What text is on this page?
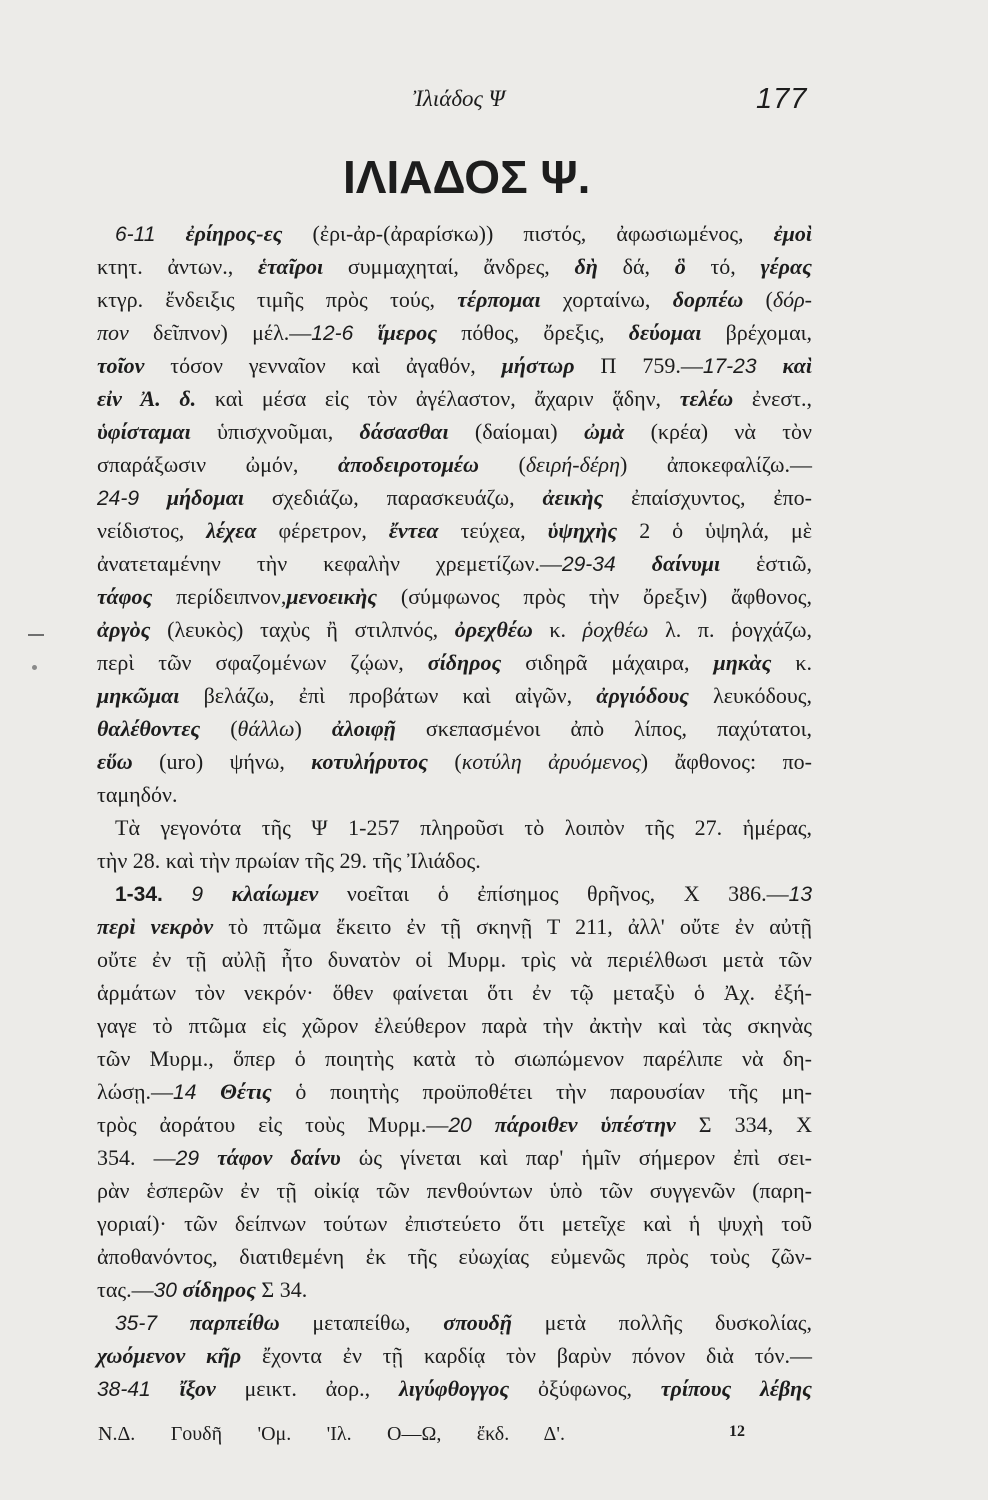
Ἰλιάδος Ψ	177
ΙΛΙΑΔΟΣ Ψ.
6-11 ἐρίηρος-ες (ἐρι-ἀρ-(ἀραρίσκω)) πιστός, ἀφωσιωμένος, ἐμοὶ
κτητ. ἀντων., ἑταῖροι συμμαχηταί, ἄνδρες, δὴ δά, ὃ τό, γέρας
κτγρ. ἔνδειξις τιμῆς πρὸς τούς, τέρπομαι χορταίνω, δορπέω (δόρ-
πον δεῖπνον) μέλ.—12-6 ἵμερος πόθος, ὄρεξις, δεύομαι βρέχομαι,
τοῖον τόσον γενναῖον καὶ ἀγαθόν, μήστωρ Π 759.—17-23 καὶ
εἰν Ἀ. δ. καὶ μέσα εἰς τὸν ἀγέλαστον, ἄχαριν ᾅδην, τελέω ἐνεστ.,
ὑφίσταμαι ὑπισχνοῦμαι, δάσασθαι (δαίομαι) ὠμὰ (κρέα) νὰ τὸν
σπαράξωσιν ὠμόν, ἀποδειροτομέω (δειρή-δέρη) ἀποκεφαλίζω.—
24-9 μήδομαι σχεδιάζω, παρασκευάζω, ἀεικὴς ἐπαίσχυντος, ἐπο-
νείδιστος, λέχεα φέρετρον, ἔντεα τεύχεα, ὑψηχὴς 2 ὁ ὑψηλά, μὲ
ἀνατεταμένην τὴν κεφαλὴν χρεμετίζων.—29-34 δαίνυμι ἑστιῶ,
τάφος περίδειπνον,μενοεικὴς (σύμφωνος πρὸς τὴν ὄρεξιν) ἄφθονος,
ἀργὸς (λευκὸς) ταχὺς ἢ στιλπνός, ὀρεχθέω κ. ῥοχθέω λ. π. ῥογχάζω,
περὶ τῶν σφαζομένων ζῴων, σίδηρος σιδηρᾶ μάχαιρα, μηκὰς κ.
μηκῶμαι βελάζω, ἐπὶ προβάτων καὶ αἰγῶν, ἀργιόδους λευκόδους,
θαλέθοντες (θάλλω) ἀλοιφῇ σκεπασμένοι ἀπὸ λίπος, παχύτατοι,
εὕω (uro) ψήνω, κοτυλήρυτος (κοτύλη ἀρυόμενος) ἄφθονος: πο-
ταμηδόν.
Τὰ γεγονότα τῆς Ψ 1-257 πληροῦσι τὸ λοιπὸν τῆς 27. ἡμέρας,
τὴν 28. καὶ τὴν πρωίαν τῆς 29. τῆς Ἰλιάδος.
1-34. 9 κλαίωμεν νοεῖται ὁ ἐπίσημος θρῆνος, Χ 386.—13
περὶ νεκρὸν τὸ πτῶμα ἔκειτο ἐν τῇ σκηνῇ Τ 211, ἀλλ' οὔτε ἐν αὐτῇ
οὔτε ἐν τῇ αὐλῇ ἦτο δυνατὸν οἱ Μυρμ. τρὶς νὰ περιέλθωσι μετὰ τῶν
ἁρμάτων τὸν νεκρόν· ὅθεν φαίνεται ὅτι ἐν τῷ μεταξὺ ὁ Ἀχ. ἐξή-
γαγε τὸ πτῶμα εἰς χῶρον ἐλεύθερον παρὰ τὴν ἀκτὴν καὶ τὰς σκηνὰς
τῶν Μυρμ., ὅπερ ὁ ποιητὴς κατὰ τὸ σιωπώμενον παρέλιπε νὰ δη-
λώσῃ.—14 Θέτις ὁ ποιητὴς προϋποθέτει τὴν παρουσίαν τῆς μη-
τρὸς ἀοράτου εἰς τοὺς Μυρμ.—20 πάροιθεν ὑπέστην Σ 334, Χ
354. —29 τάφον δαίνυ ὡς γίνεται καὶ παρ' ἡμῖν σήμερον ἐπὶ σει-
ρὰν ἑσπερῶν ἐν τῇ οἰκίᾳ τῶν πενθούντων ὑπὸ τῶν συγγενῶν (παρη-
γοριαί)· τῶν δείπνων τούτων ἐπιστεύετο ὅτι μετεῖχε καὶ ἡ ψυχὴ τοῦ
ἀποθανόντος, διατιθεμένη ἐκ τῆς εὐωχίας εὐμενῶς πρὸς τοὺς ζῶν-
τας.—30 σίδηρος Σ 34.
35-7 παρπείθω μεταπείθω, σπουδῇ μετὰ πολλῆς δυσκολίας,
χωόμενον κῆρ ἔχοντα ἐν τῇ καρδίᾳ τὸν βαρὺν πόνον διὰ τόν.—
38-41 ἴξον μεικτ. ἀορ., λιγύφθογγος ὀξύφωνος, τρίπους λέβης
Ν.Δ. Γουδῆ 'Ομ. 'Ιλ. Ο—Ω, ἔκδ. Δ'.	12
